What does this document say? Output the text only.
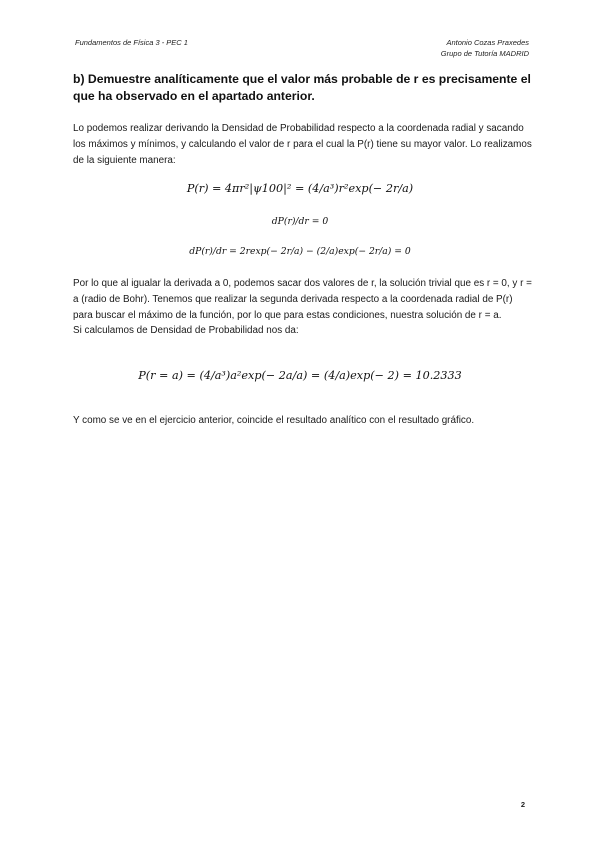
Fundamentos de Física 3 - PEC 1	Antonio Cozas Praxedes
Grupo de Tutoría MADRID
b) Demuestre analíticamente que el valor más probable de r es precisamente el que ha observado en el apartado anterior.
Lo podemos realizar derivando la Densidad de Probabilidad respecto a la coordenada radial y sacando los máximos y mínimos, y calculando el valor de r para el cual la P(r) tiene su mayor valor. Lo realizamos de la siguiente manera:
P(r) = 4πr²|ψ100|² = (4/a³)r²exp(− 2r/a)
dP(r)/dr = 0
dP(r)/dr = 2rexp(− 2r/a) − (2/a)exp(− 2r/a) = 0
Por lo que al igualar la derivada a 0, podemos sacar dos valores de r, la solución trivial que es r = 0, y r = a (radio de Bohr). Tenemos que realizar la segunda derivada respecto a la coordenada radial de P(r) para buscar el máximo de la función, por lo que para estas condiciones, nuestra solución de r = a.
Si calculamos de Densidad de Probabilidad nos da:
P(r = a) = (4/a³)a²exp(− 2a/a) = (4/a)exp(− 2) = 10.2333
Y como se ve en el ejercicio anterior, coincide el resultado analítico con el resultado gráfico.
2
